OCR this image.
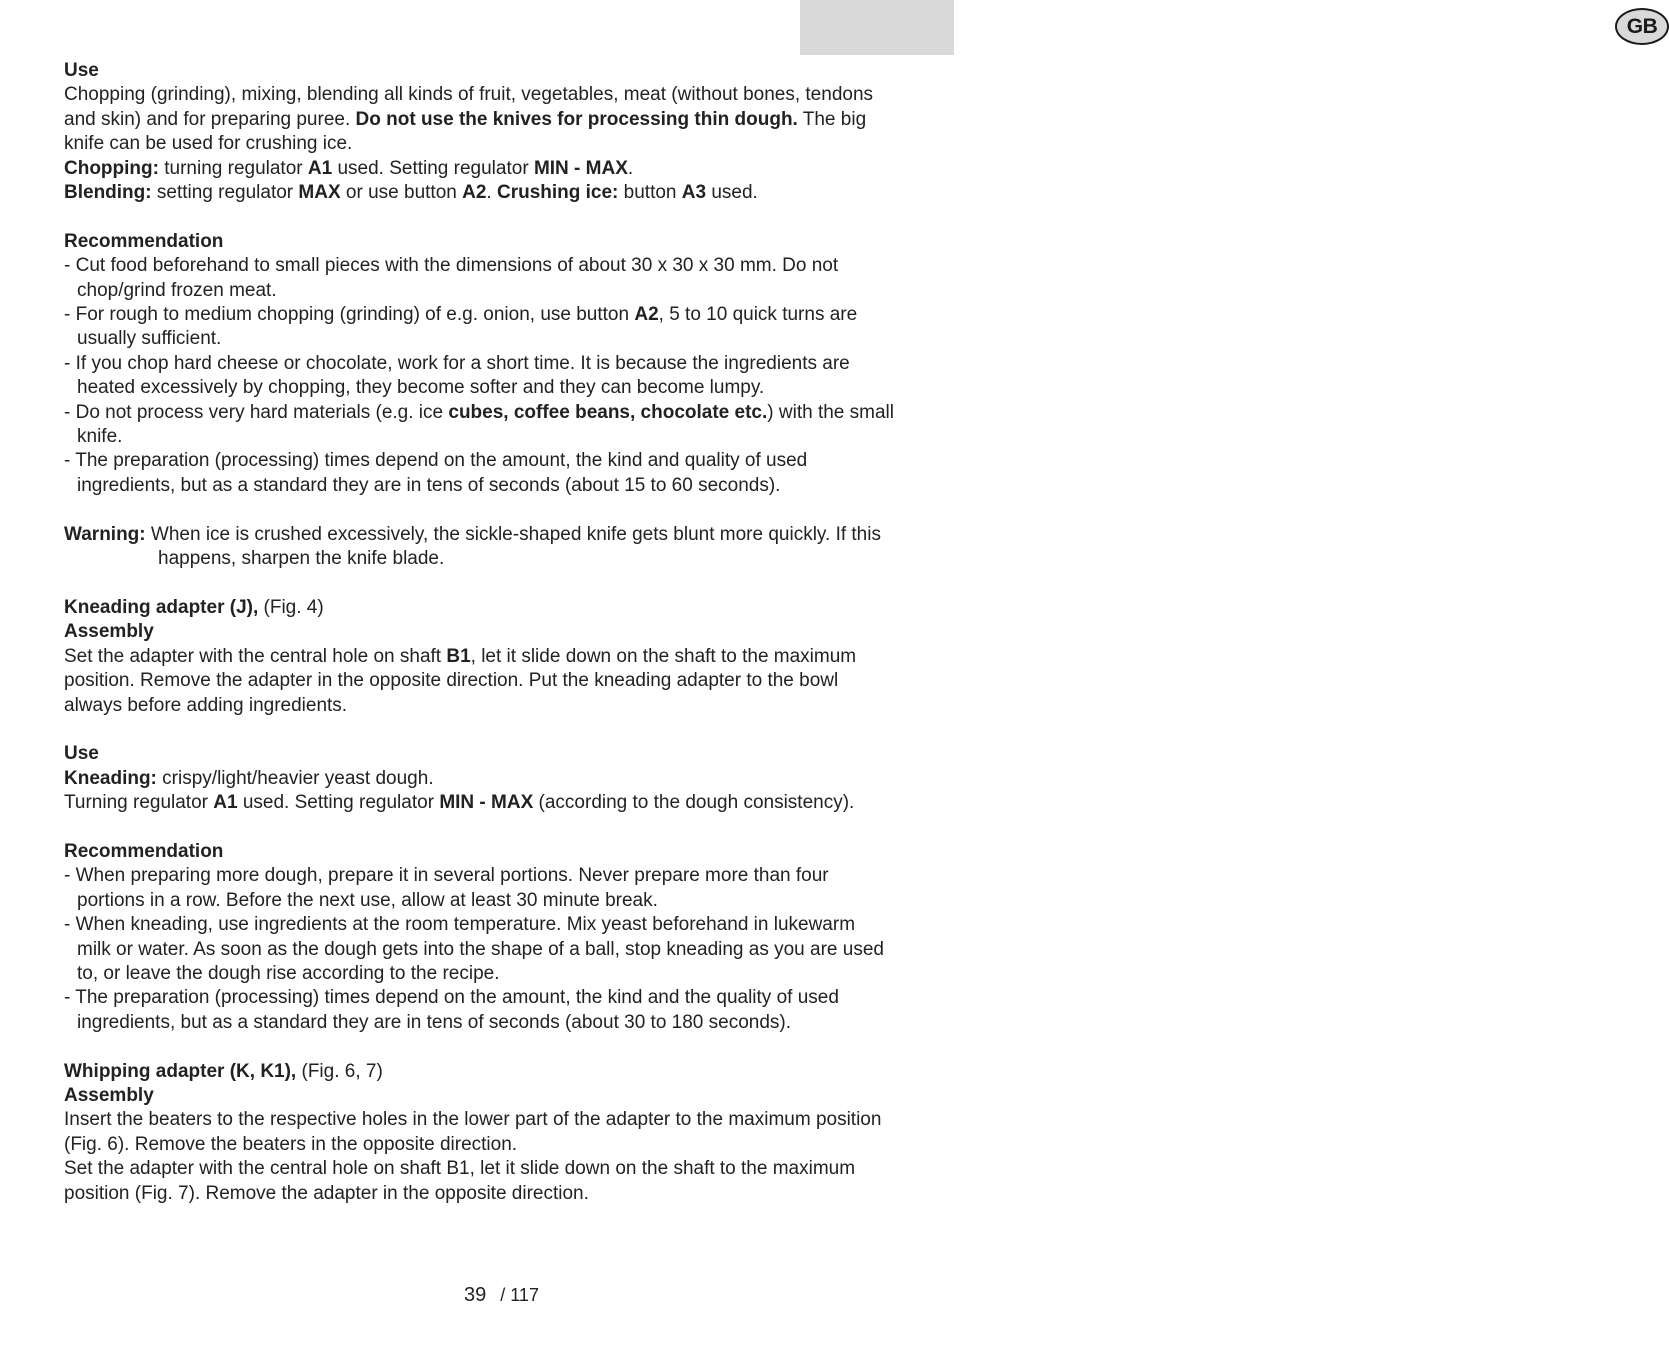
GB

Use

Chopping (grinding), mixing, blending all kinds of fruit, vegetables, meat (without bones, tendons and skin) and for preparing puree. Do not use the knives for processing thin dough. The big knife can be used for crushing ice.

Chopping: turning regulator A1 used. Setting regulator MIN - MAX.

Blending: setting regulator MAX or use button A2. Crushing ice: button A3 used.

Recommendation

- Cut food beforehand to small pieces with the dimensions of about 30 x 30 x 30 mm. Do not chop/grind frozen meat.

- For rough to medium chopping (grinding) of e.g. onion, use button A2, 5 to 10 quick turns are usually sufficient.

- If you chop hard cheese or chocolate, work for a short time. It is because the ingredients are heated excessively by chopping, they become softer and they can become lumpy.

- Do not process very hard materials (e.g. ice cubes, coffee beans, chocolate etc.) with the small knife.

- The preparation (processing) times depend on the amount, the kind and quality of used ingredients, but as a standard they are in tens of seconds (about 15 to 60 seconds).

Warning: When ice is crushed excessively, the sickle-shaped knife gets blunt more quickly. If this happens, sharpen the knife blade.

Kneading adapter (J), (Fig. 4)

Assembly

Set the adapter with the central hole on shaft B1, let it slide down on the shaft to the maximum position. Remove the adapter in the opposite direction. Put the kneading adapter to the bowl always before adding ingredients.

Use

Kneading: crispy/light/heavier yeast dough.

Turning regulator A1 used. Setting regulator MIN - MAX (according to the dough consistency).

Recommendation

- When preparing more dough, prepare it in several portions. Never prepare more than four portions in a row. Before the next use, allow at least 30 minute break.

- When kneading, use ingredients at the room temperature. Mix yeast beforehand in lukewarm milk or water. As soon as the dough gets into the shape of a ball, stop kneading as you are used to, or leave the dough rise according to the recipe.

- The preparation (processing) times depend on the amount, the kind and the quality of used ingredients, but as a standard they are in tens of seconds (about 30 to 180 seconds).

Whipping adapter (K, K1), (Fig. 6, 7)

Assembly

Insert the beaters to the respective holes in the lower part of the adapter to the maximum position (Fig. 6). Remove the beaters in the opposite direction.

Set the adapter with the central hole on shaft B1, let it slide down on the shaft to the maximum position (Fig. 7). Remove the adapter in the opposite direction.

39 / 117
